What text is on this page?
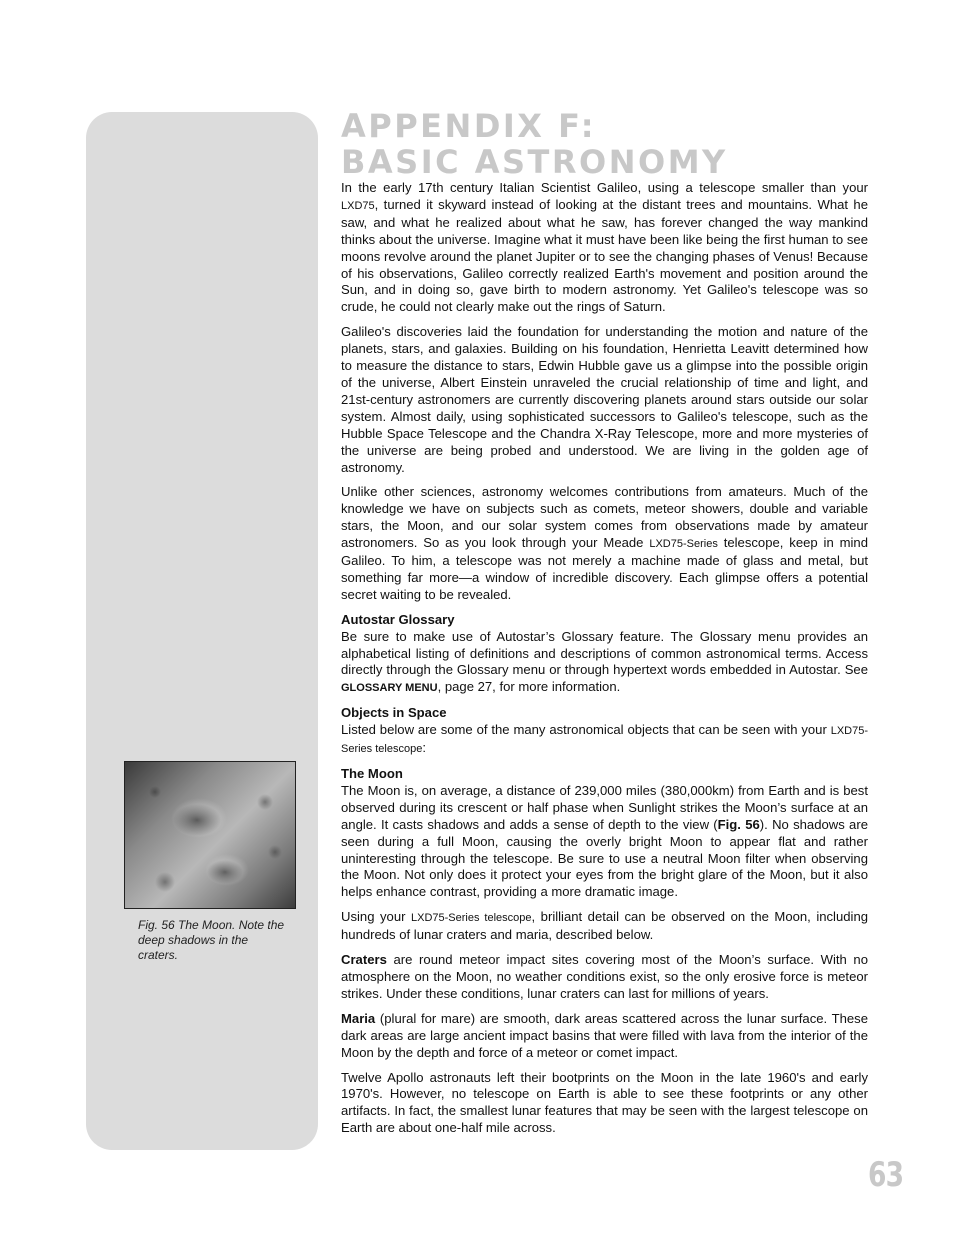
Fig. 56 The Moon. Note the deep shadows in the craters.
APPENDIX F:
BASIC ASTRONOMY

In the early 17th century Italian Scientist Galileo, using a telescope smaller than your LXD75, turned it skyward instead of looking at the distant trees and mountains. What he saw, and what he realized about what he saw, has forever changed the way mankind thinks about the universe. Imagine what it must have been like being the first human to see moons revolve around the planet Jupiter or to see the changing phases of Venus! Because of his observations, Galileo correctly realized Earth's movement and position around the Sun, and in doing so, gave birth to modern astronomy. Yet Galileo's telescope was so crude, he could not clearly make out the rings of Saturn.

Galileo's discoveries laid the foundation for understanding the motion and nature of the planets, stars, and galaxies. Building on his foundation, Henrietta Leavitt determined how to measure the distance to stars, Edwin Hubble gave us a glimpse into the possible origin of the universe, Albert Einstein unraveled the crucial relationship of time and light, and 21st-century astronomers are currently discovering planets around stars outside our solar system. Almost daily, using sophisticated successors to Galileo's telescope, such as the Hubble Space Telescope and the Chandra X-Ray Telescope, more and more mysteries of the universe are being probed and understood. We are living in the golden age of astronomy.

Unlike other sciences, astronomy welcomes contributions from amateurs. Much of the knowledge we have on subjects such as comets, meteor showers, double and variable stars, the Moon, and our solar system comes from observations made by amateur astronomers. So as you look through your Meade LXD75-Series telescope, keep in mind Galileo. To him, a telescope was not merely a machine made of glass and metal, but something far more—a window of incredible discovery. Each glimpse offers a potential secret waiting to be revealed.

Autostar Glossary
Be sure to make use of Autostar’s Glossary feature. The Glossary menu provides an alphabetical listing of definitions and descriptions of common astronomical terms. Access directly through the Glossary menu or through hypertext words embedded in Autostar. See GLOSSARY MENU, page 27, for more information.

Objects in Space
Listed below are some of the many astronomical objects that can be seen with your LXD75-Series telescope:

The Moon
The Moon is, on average, a distance of 239,000 miles (380,000km) from Earth and is best observed during its crescent or half phase when Sunlight strikes the Moon’s surface at an angle. It casts shadows and adds a sense of depth to the view (Fig. 56). No shadows are seen during a full Moon, causing the overly bright Moon to appear flat and rather uninteresting through the telescope. Be sure to use a neutral Moon filter when observing the Moon. Not only does it protect your eyes from the bright glare of the Moon, but it also helps enhance contrast, providing a more dramatic image.

Using your LXD75-Series telescope, brilliant detail can be observed on the Moon, including hundreds of lunar craters and maria, described below.

Craters are round meteor impact sites covering most of the Moon’s surface. With no atmosphere on the Moon, no weather conditions exist, so the only erosive force is meteor strikes. Under these conditions, lunar craters can last for millions of years.

Maria (plural for mare) are smooth, dark areas scattered across the lunar surface. These dark areas are large ancient impact basins that were filled with lava from the interior of the Moon by the depth and force of a meteor or comet impact.

Twelve Apollo astronauts left their bootprints on the Moon in the late 1960's and early 1970's. However, no telescope on Earth is able to see these footprints or any other artifacts. In fact, the smallest lunar features that may be seen with the largest telescope on Earth are about one-half mile across.

63
